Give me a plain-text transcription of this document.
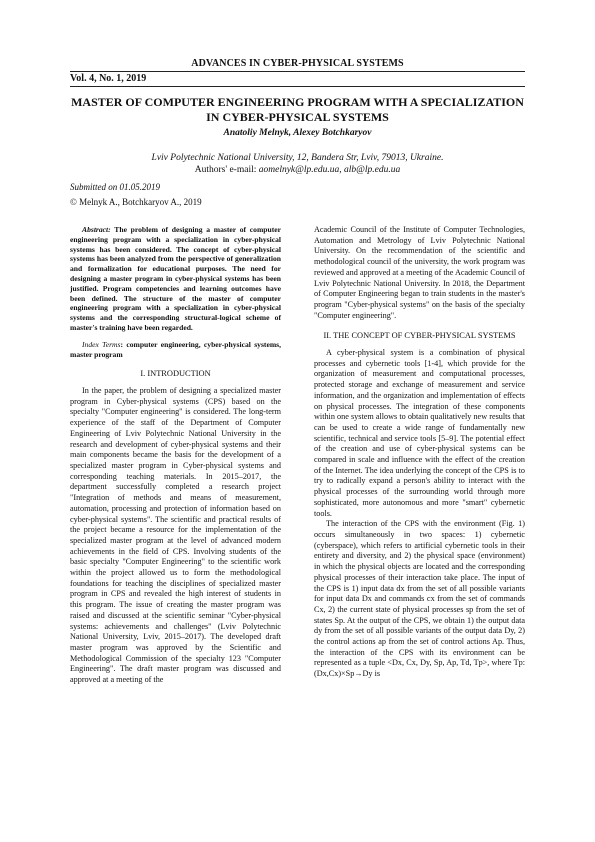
ADVANCES IN CYBER-PHYSICAL SYSTEMS
Vol. 4, No. 1, 2019
MASTER OF COMPUTER ENGINEERING PROGRAM WITH A SPECIALIZATION IN CYBER-PHYSICAL SYSTEMS
Anatoliy Melnyk, Alexey Botchkaryov
Lviv Polytechnic National University, 12, Bandera Str, Lviv, 79013, Ukraine.
Authors' e-mail: aomelnyk@lp.edu.ua, alb@lp.edu.ua
Submitted on 01.05.2019
© Melnyk A., Botchkaryov A., 2019

Abstract: The problem of designing a master of computer engineering program with a specialization in cyber-physical systems has been considered. The concept of cyber-physical systems has been analyzed from the perspective of generalization and formalization for educational purposes. The need for designing a master program in cyber-physical systems has been justified. Program competencies and learning outcomes have been defined. The structure of the master of computer engineering program with a specialization in cyber-physical systems and the corresponding structural-logical scheme of master's training have been regarded.

Index Terms: computer engineering, cyber-physical systems, master program

I. INTRODUCTION

In the paper, the problem of designing a specialized master program in Cyber-physical systems (CPS) based on the specialty "Computer engineering" is considered. The long-term experience of the staff of the Department of Computer Engineering of Lviv Polytechnic National University in the research and development of cyber-physical systems and their main components became the basis for the development of a specialized master program in Cyber-physical systems and corresponding teaching materials. In 2015–2017, the department successfully completed a research project "Integration of methods and means of measurement, automation, processing and protection of information based on cyber-physical systems". The scientific and practical results of the project became a resource for the implementation of the specialized master program at the level of advanced modern achievements in the field of CPS. Involving students of the basic specialty "Computer Engineering" to the scientific work within the project allowed us to form the methodological foundations for teaching the disciplines of specialized master program in CPS and revealed the high interest of students in this program. The issue of creating the master program was raised and discussed at the scientific seminar "Cyber-physical systems: achievements and challenges" (Lviv Polytechnic National University, Lviv, 2015–2017). The developed draft master program was approved by the Scientific and Methodological Commission of the specialty 123 "Computer Engineering". The draft master program was discussed and approved at a meeting of the

Academic Council of the Institute of Computer Technologies, Automation and Metrology of Lviv Polytechnic National University. On the recommendation of the scientific and methodological council of the university, the work program was reviewed and approved at a meeting of the Academic Council of Lviv Polytechnic National University. In 2018, the Department of Computer Engineering began to train students in the master's program "Cyber-physical systems" on the basis of the specialty "Computer engineering".

II. THE CONCEPT OF CYBER-PHYSICAL SYSTEMS

A cyber-physical system is a combination of physical processes and cybernetic tools [1-4], which provide for the organization of measurement and computational processes, protected storage and exchange of measurement and service information, and the organization and implementation of effects on physical processes. The integration of these components within one system allows to obtain qualitatively new results that can be used to create a wide range of fundamentally new scientific, technical and service tools [5–9]. The potential effect of the creation and use of cyber-physical systems can be compared in scale and influence with the effect of the creation of the Internet. The idea underlying the concept of the CPS is to try to radically expand a person's ability to interact with the physical processes of the surrounding world through more sophisticated, more autonomous and more "smart" cybernetic tools.

The interaction of the CPS with the environment (Fig. 1) occurs simultaneously in two spaces: 1) cybernetic (cyberspace), which refers to artificial cybernetic tools in their entirety and diversity, and 2) the physical space (environment) in which the physical objects are located and the corresponding physical processes of their interaction take place. The input of the CPS is 1) input data dx from the set of all possible variants for input data Dx and commands cx from the set of commands Cx, 2) the current state of physical processes sp from the set of states Sp. At the output of the CPS, we obtain 1) the output data dy from the set of all possible variants of the output data Dy, 2) the control actions ap from the set of control actions Ap. Thus, the interaction of the CPS with its environment can be represented as a tuple <Dx, Cx, Dy, Sp, Ap, Td, Tp>, where Tp:(Dx,Cx)×Sp→Dy is
